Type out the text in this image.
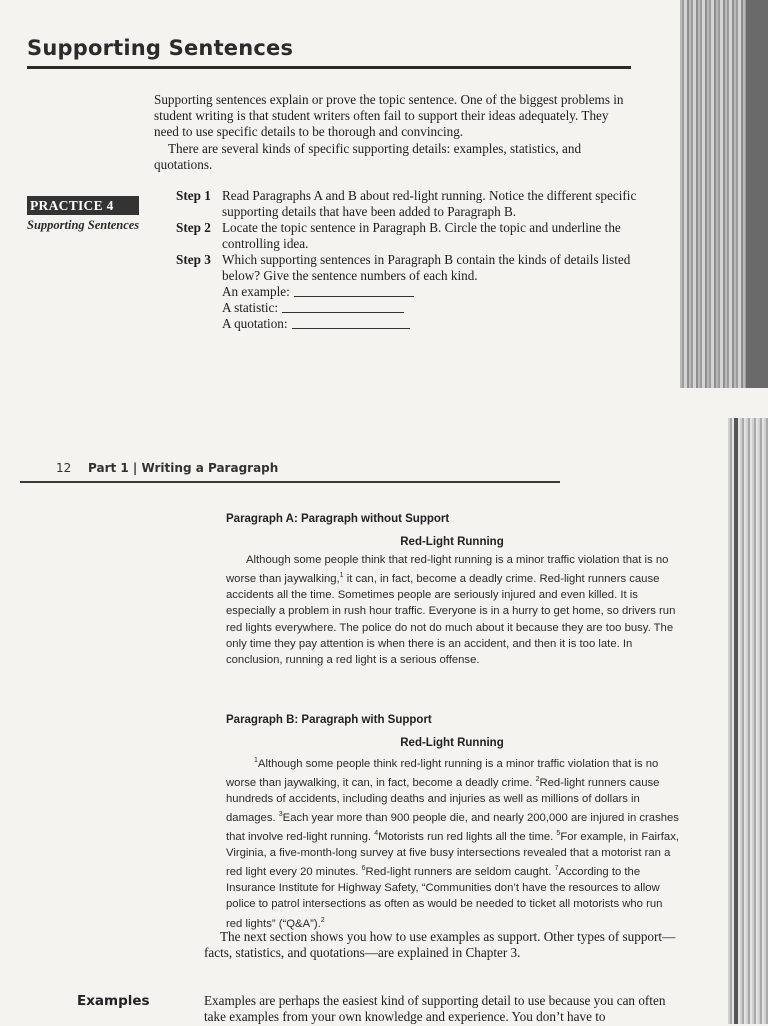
Supporting Sentences

Supporting sentences explain or prove the topic sentence. One of the biggest problems in student writing is that student writers often fail to support their ideas adequately. They need to use specific details to be thorough and convincing.

There are several kinds of specific supporting details: examples, statistics, and quotations.

PRACTICE 4
Supporting Sentences
Step 1 Read Paragraphs A and B about red-light running. Notice the different specific supporting details that have been added to Paragraph B.
Step 2 Locate the topic sentence in Paragraph B. Circle the topic and underline the controlling idea.
Step 3 Which supporting sentences in Paragraph B contain the kinds of details listed below? Give the sentence numbers of each kind.
An example:
A statistic:
A quotation:
12 Part 1 | Writing a Paragraph
Paragraph A: Paragraph without Support
Red-Light Running

Although some people think that red-light running is a minor traffic violation that is no worse than jaywalking,$^1$ it can, in fact, become a deadly crime. Red-light runners cause accidents all the time. Sometimes people are seriously injured and even killed. It is especially a problem in rush hour traffic. Everyone is in a hurry to get home, so drivers run red lights everywhere. The police do not do much about it because they are too busy. The only time they pay attention is when there is an accident, and then it is too late. In conclusion, running a red light is a serious offense.

Paragraph B: Paragraph with Support
Red-Light Running

$^1$Although some people think red-light running is a minor traffic violation that is no worse than jaywalking, it can, in fact, become a deadly crime. $^2$Red-light runners cause hundreds of accidents, including deaths and injuries as well as millions of dollars in damages. $^3$Each year more than 900 people die, and nearly 200,000 are injured in crashes that involve red-light running. $^4$Motorists run red lights all the time. $^5$For example, in Fairfax, Virginia, a five-month-long survey at five busy intersections revealed that a motorist ran a red light every 20 minutes. $^6$Red-light runners are seldom caught. $^7$According to the Insurance Institute for Highway Safety, “Communities don’t have the resources to allow police to patrol intersections as often as would be needed to ticket all motorists who run red lights” (“Q&A”).$^2$

The next section shows you how to use examples as support. Other types of support—facts, statistics, and quotations—are explained in Chapter 3.

Examples	Examples are perhaps the easiest kind of supporting detail to use because you can often take examples from your own knowledge and experience. You don’t have to
